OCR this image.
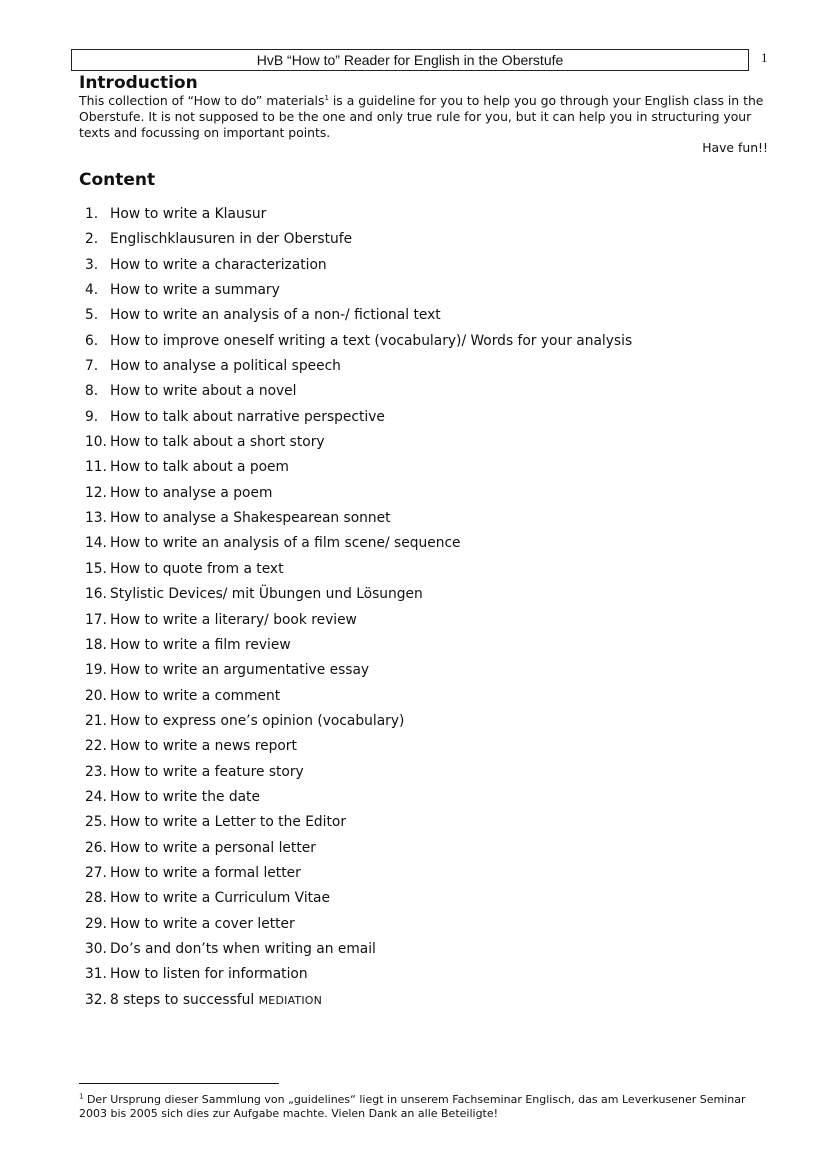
HvB “How to” Reader for English in the Oberstufe	1
Introduction

This collection of “How to do” materials$^1$ is a guideline for you to help you go through your English class in the Oberstufe. It is not supposed to be the one and only true rule for you, but it can help you in structuring your texts and focussing on important points.

Have fun!!
Content
1. How to write a Klausur
2. Englischklausuren in der Oberstufe
3. How to write a characterization
4. How to write a summary
5. How to write an analysis of a non-/ fictional text
6. How to improve oneself writing a text (vocabulary)/ Words for your analysis
7. How to analyse a political speech
8. How to write about a novel
9. How to talk about narrative perspective
10. How to talk about a short story
11. How to talk about a poem
12. How to analyse a poem
13. How to analyse a Shakespearean sonnet
14. How to write an analysis of a film scene/ sequence
15. How to quote from a text
16. Stylistic Devices/ mit Übungen und Lösungen
17. How to write a literary/ book review
18. How to write a film review
19. How to write an argumentative essay
20. How to write a comment
21. How to express one’s opinion (vocabulary)
22. How to write a news report
23. How to write a feature story
24. How to write the date
25. How to write a Letter to the Editor
26. How to write a personal letter
27. How to write a formal letter
28. How to write a Curriculum Vitae
29. How to write a cover letter
30. Do’s and don’ts when writing an email
31. How to listen for information
32. 8 steps to successful MEDIATION

$^1$ Der Ursprung dieser Sammlung von „guidelines“ liegt in unserem Fachseminar Englisch, das am Leverkusener Seminar 2003 bis 2005 sich dies zur Aufgabe machte. Vielen Dank an alle Beteiligte!
